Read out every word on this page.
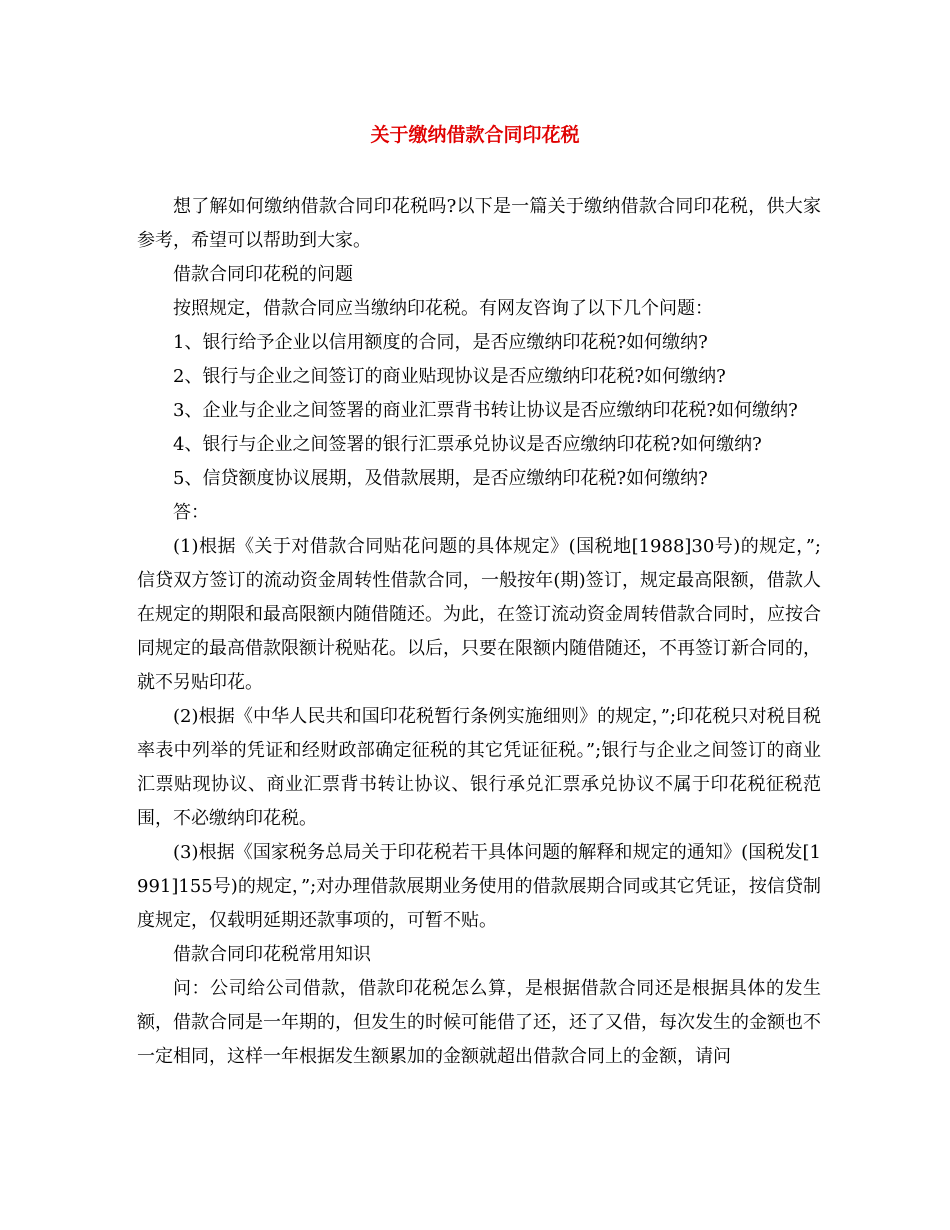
关于缴纳借款合同印花税

想了解如何缴纳借款合同印花税吗?以下是一篇关于缴纳借款合同印花税，供大家参考，希望可以帮助到大家。

借款合同印花税的问题

按照规定，借款合同应当缴纳印花税。有网友咨询了以下几个问题：

1、银行给予企业以信用额度的合同，是否应缴纳印花税?如何缴纳?

2、银行与企业之间签订的商业贴现协议是否应缴纳印花税?如何缴纳?

3、企业与企业之间签署的商业汇票背书转让协议是否应缴纳印花税?如何缴纳?

4、银行与企业之间签署的银行汇票承兑协议是否应缴纳印花税?如何缴纳?

5、信贷额度协议展期，及借款展期，是否应缴纳印花税?如何缴纳?

答：

(1)根据《关于对借款合同贴花问题的具体规定》(国税地[1988]30号)的规定，”;信贷双方签订的流动资金周转性借款合同，一般按年(期)签订，规定最高限额，借款人在规定的期限和最高限额内随借随还。为此，在签订流动资金周转借款合同时，应按合同规定的最高借款限额计税贴花。以后，只要在限额内随借随还，不再签订新合同的，就不另贴印花。

(2)根据《中华人民共和国印花税暂行条例实施细则》的规定，”;印花税只对税目税率表中列举的凭证和经财政部确定征税的其它凭证征税。”;银行与企业之间签订的商业汇票贴现协议、商业汇票背书转让协议、银行承兑汇票承兑协议不属于印花税征税范围，不必缴纳印花税。

(3)根据《国家税务总局关于印花税若干具体问题的解释和规定的通知》(国税发[1991]155号)的规定，”;对办理借款展期业务使用的借款展期合同或其它凭证，按信贷制度规定，仅载明延期还款事项的，可暂不贴。

借款合同印花税常用知识

问：公司给公司借款，借款印花税怎么算，是根据借款合同还是根据具体的发生额，借款合同是一年期的，但发生的时候可能借了还，还了又借，每次发生的金额也不一定相同，这样一年根据发生额累加的金额就超出借款合同上的金额，请问
